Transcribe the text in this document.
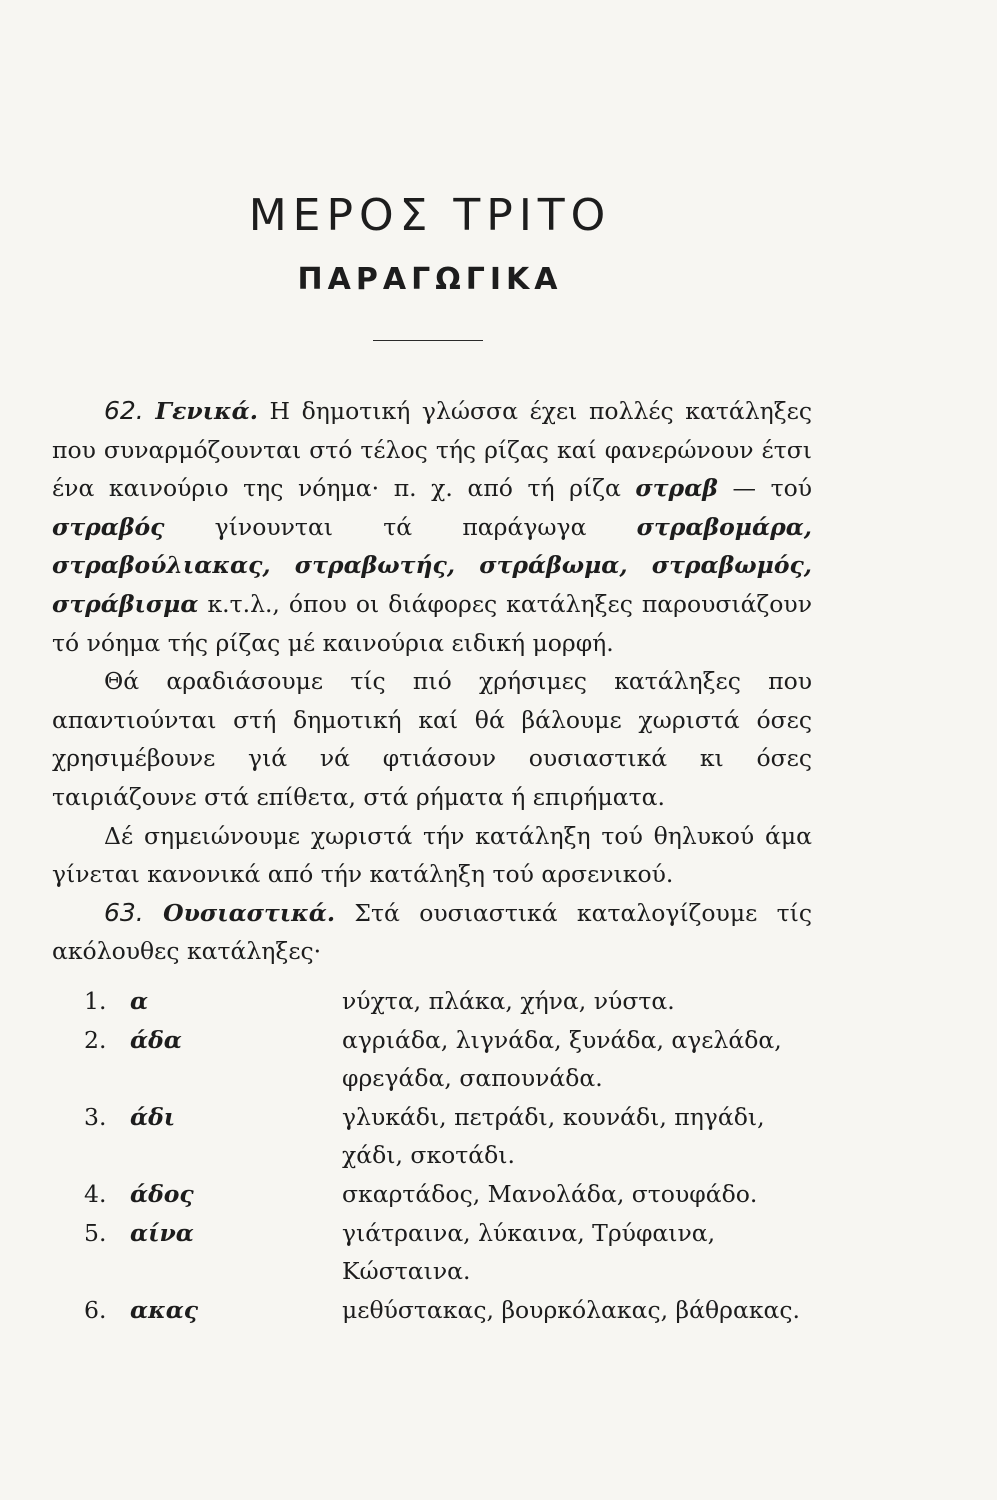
ΜΕΡΟΣ ΤΡΙΤΟ
ΠΑΡΑΓΩΓΙΚΑ

62. Γενικά. Η δημοτική γλώσσα έχει πολλές κατάληξες που συναρμόζουνται στό τέλος τής ρίζας καί φανερώνουν έτσι ένα καινούριο της νόημα· π. χ. από τή ρίζα στραβ — τού στραβός γίνουνται τά παράγωγα στραβομάρα, στραβούλιακας, στραβωτής, στράβωμα, στραβωμός, στράβισμα κ.τ.λ., όπου οι διάφορες κατάληξες παρουσιάζουν τό νόημα τής ρίζας μέ καινούρια ειδική μορφή.

Θά αραδιάσουμε τίς πιό χρήσιμες κατάληξες που απαντιούνται στή δημοτική καί θά βάλουμε χωριστά όσες χρησιμέβουνε γιά νά φτιάσουν ουσιαστικά κι όσες ταιριάζουνε στά επίθετα, στά ρήματα ή επιρήματα.

Δέ σημειώνουμε χωριστά τήν κατάληξη τού θηλυκού άμα γίνεται κανονικά από τήν κατάληξη τού αρσενικού.

63. Ουσιαστικά. Στά ουσιαστικά καταλογίζουμε τίς ακόλουθες κατάληξες·

1.	α	νύχτα, πλάκα, χήνα, νύστα.
2.	άδα	αγριάδα, λιγνάδα, ξυνάδα, αγελάδα, φρεγάδα, σαπουνάδα.
3.	άδι	γλυκάδι, πετράδι, κουνάδι, πηγάδι, χάδι, σκοτάδι.
4.	άδος	σκαρτάδος, Μανολάδα, στουφάδο.
5.	αίνα	γιάτραινα, λύκαινα, Τρύφαινα, Κώσταινα.
6.	ακας	μεθύστακας, βουρκόλακας, βάθρακας.
